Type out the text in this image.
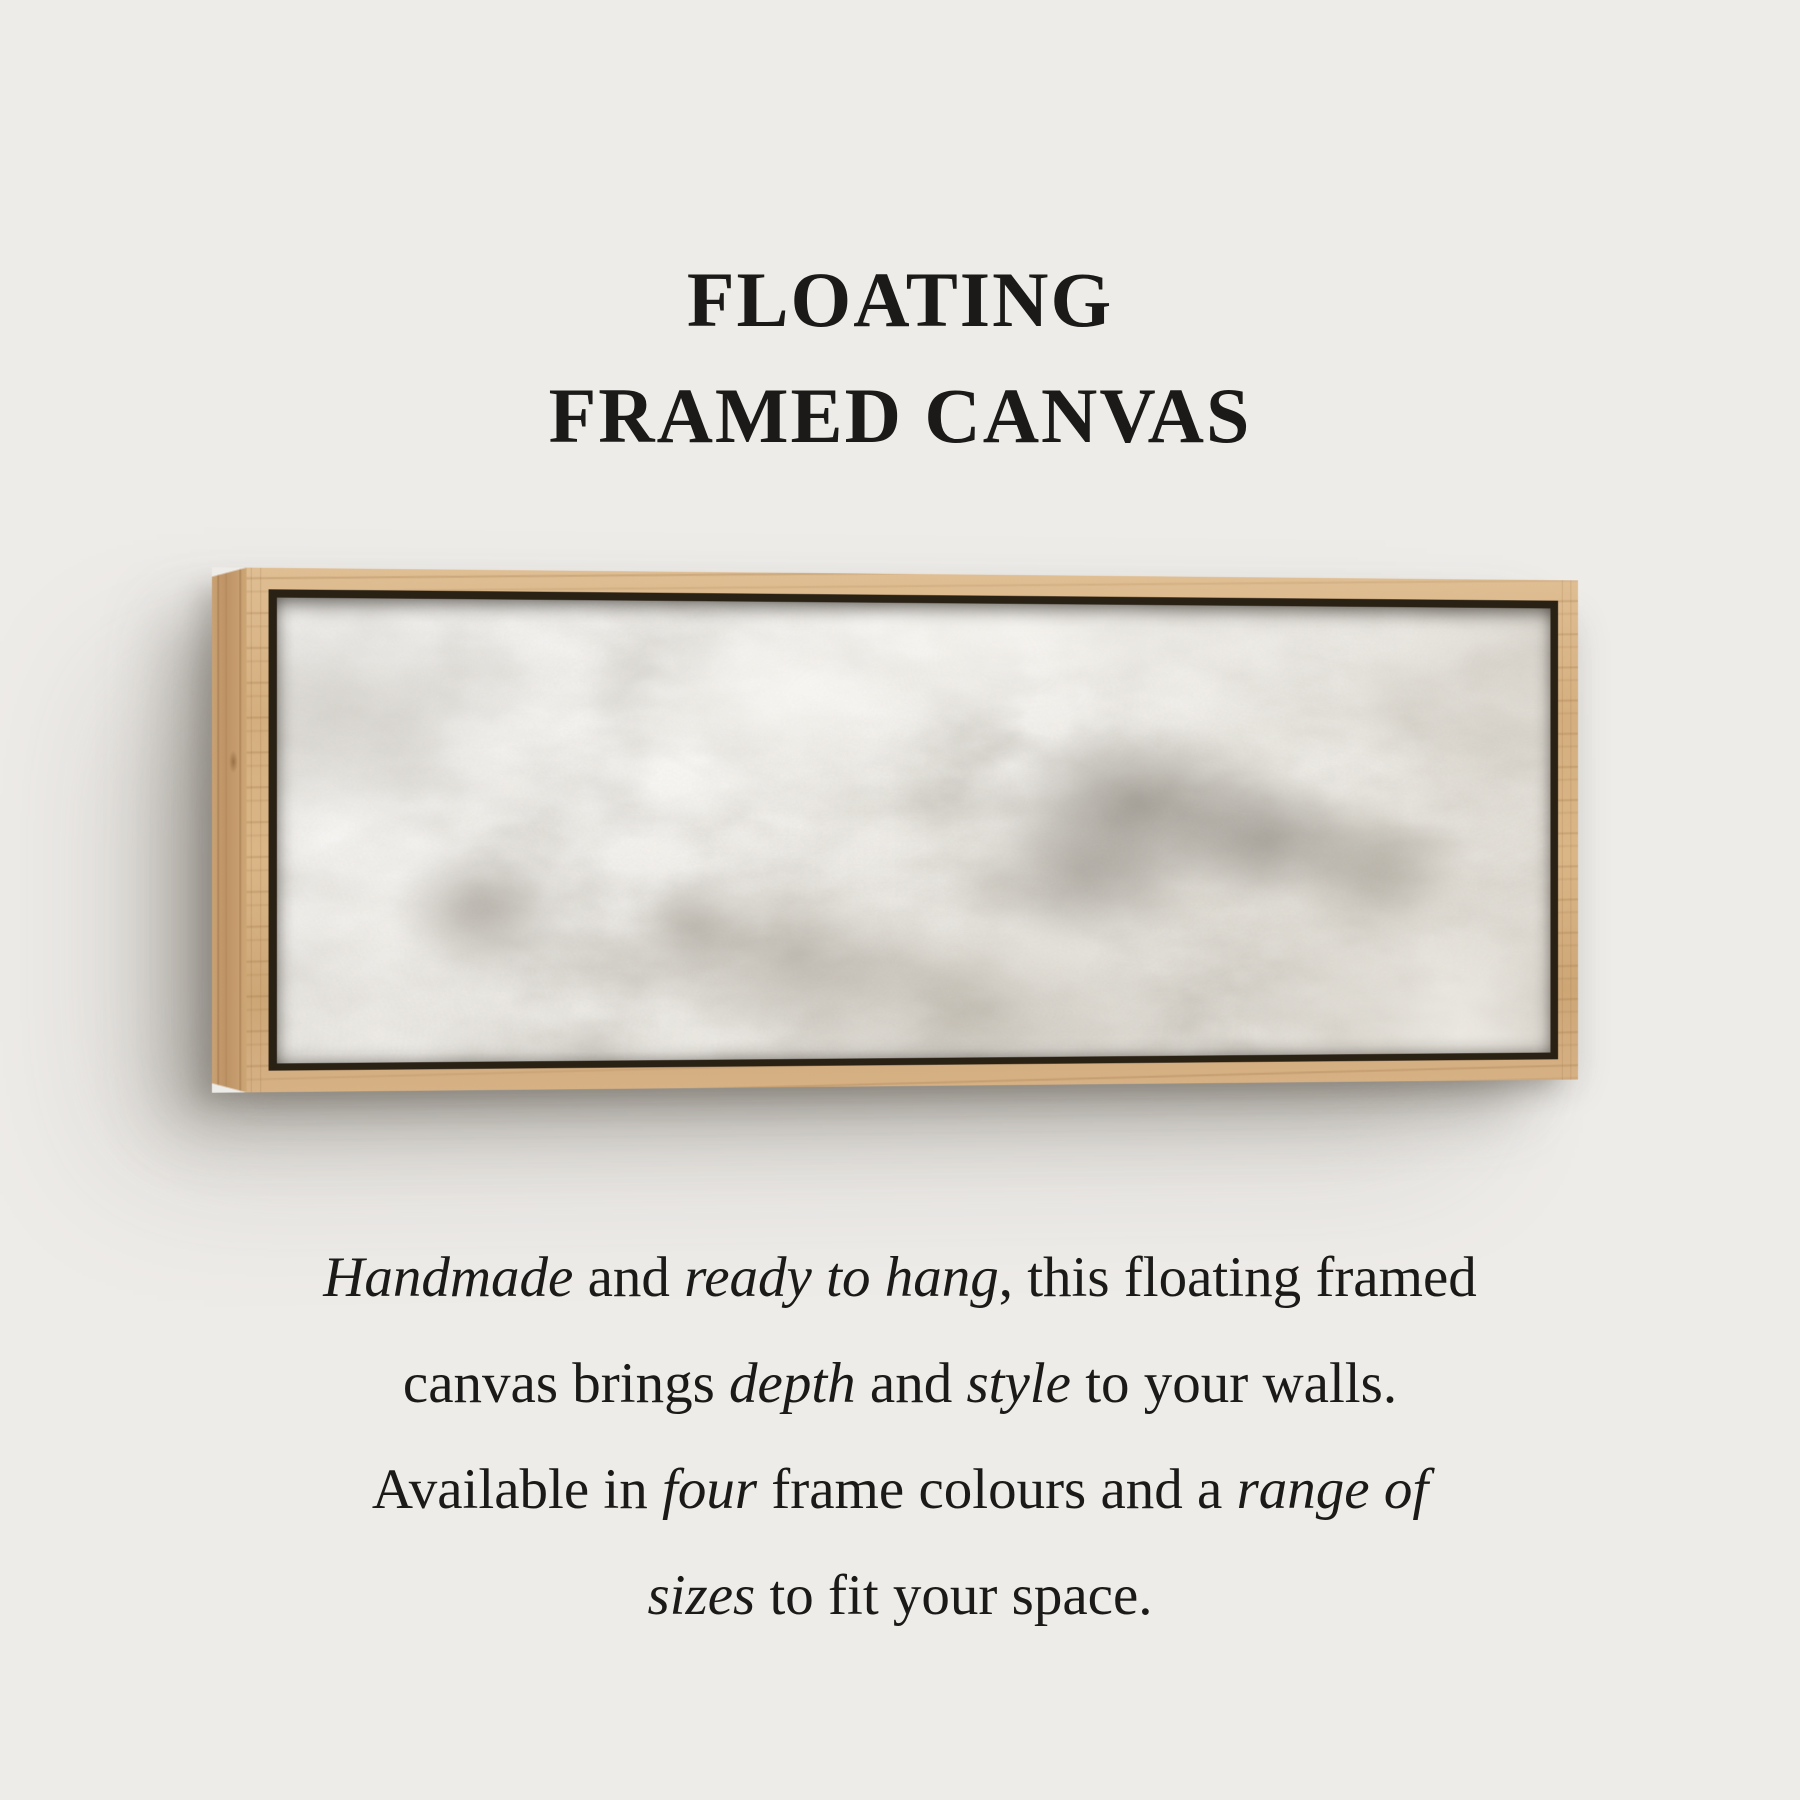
FLOATING
FRAMED CANVAS
Handmade and ready to hang, this floating framed
canvas brings depth and style to your walls.
Available in four frame colours and a range of
sizes to fit your space.
